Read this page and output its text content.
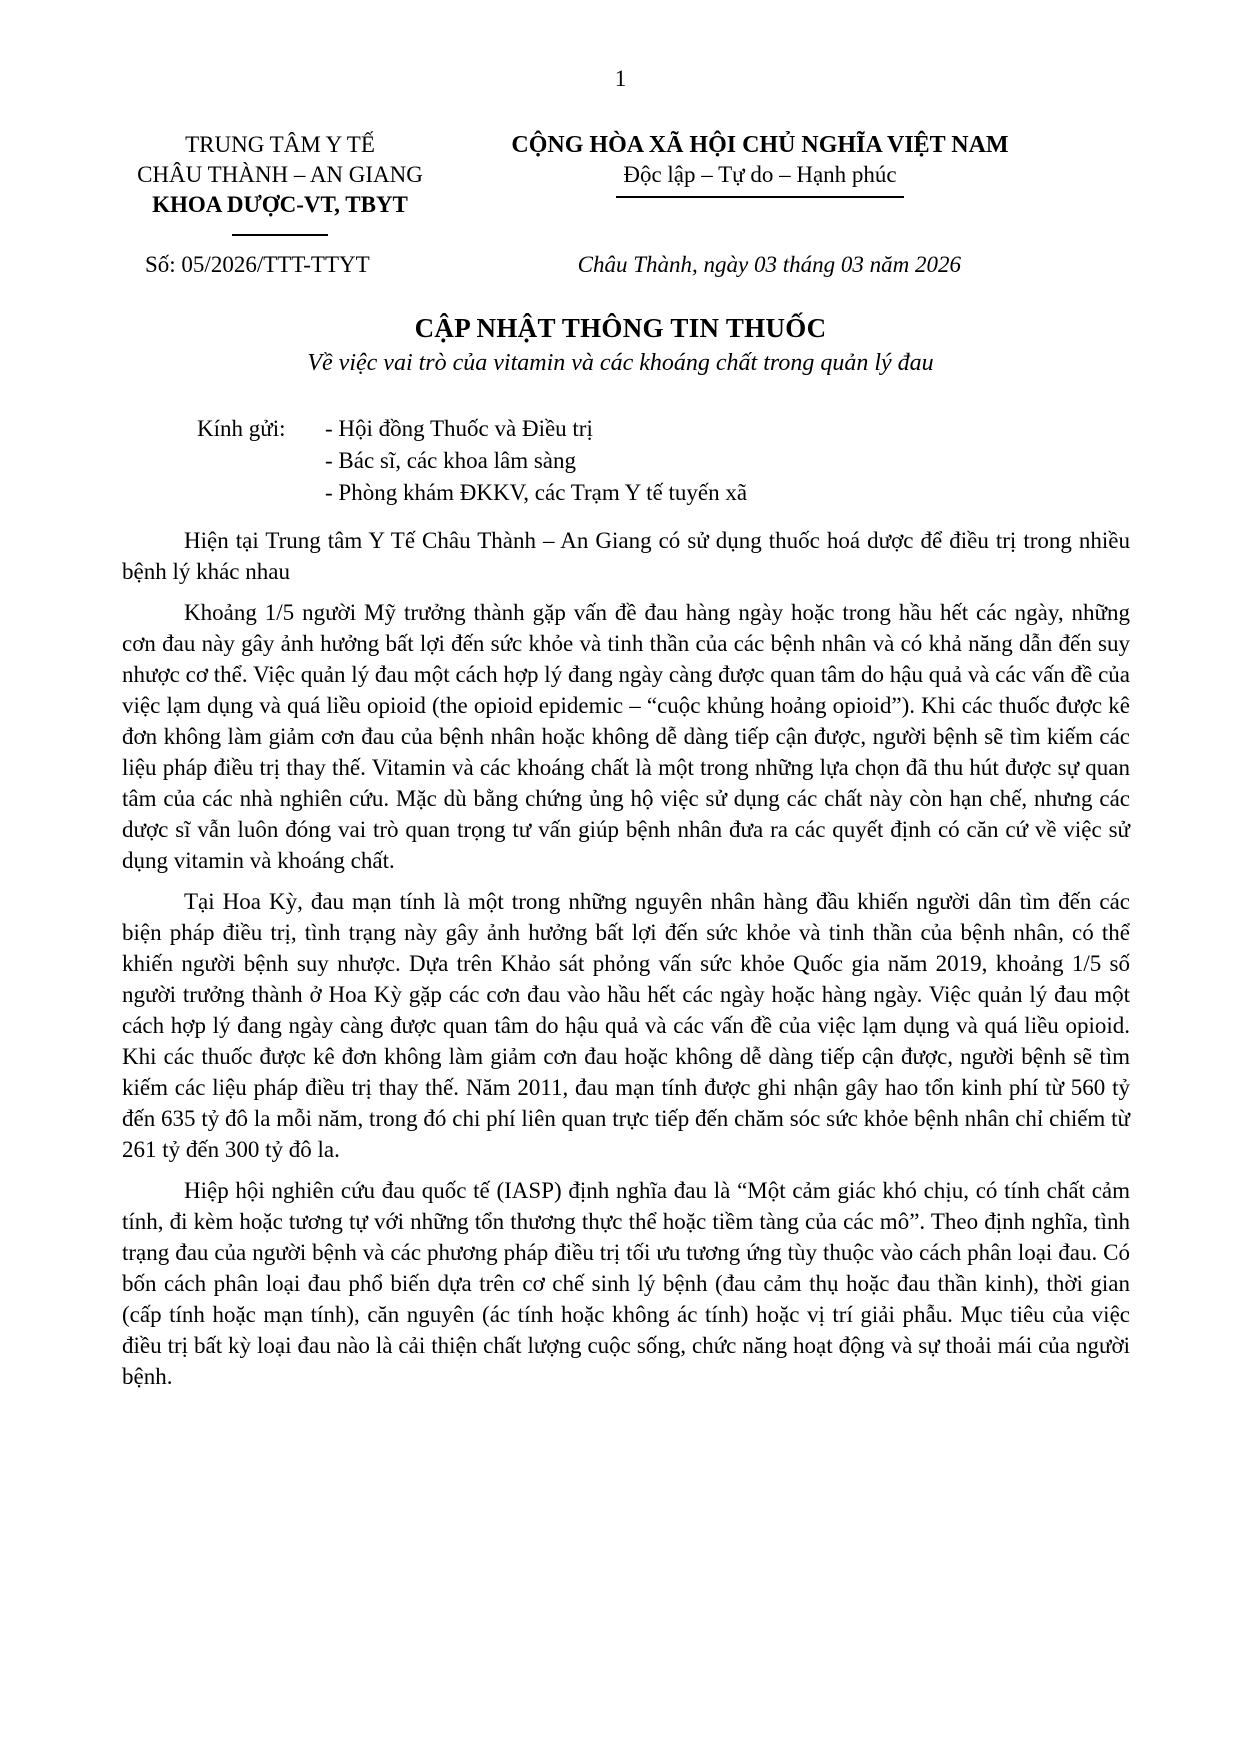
1
TRUNG TÂM Y TẾ
CHÂU THÀNH – AN GIANG
KHOA DƯỢC-VT, TBYT
CỘNG HÒA XÃ HỘI CHỦ NGHĨA VIỆT NAM
Độc lập – Tự do – Hạnh phúc
Số: 05/2026/TTT-TTYT	Châu Thành, ngày 03 tháng 03 năm 2026
CẬP NHẬT THÔNG TIN THUỐC
Về việc vai trò của vitamin và các khoáng chất trong quản lý đau
Kính gửi:	- Hội đồng Thuốc và Điều trị
- Bác sĩ, các khoa lâm sàng
- Phòng khám ĐKKV, các Trạm Y tế tuyến xã

Hiện tại Trung tâm Y Tế Châu Thành – An Giang có sử dụng thuốc hoá dược để điều trị trong nhiều bệnh lý khác nhau

Khoảng 1/5 người Mỹ trưởng thành gặp vấn đề đau hàng ngày hoặc trong hầu hết các ngày, những cơn đau này gây ảnh hưởng bất lợi đến sức khỏe và tinh thần của các bệnh nhân và có khả năng dẫn đến suy nhược cơ thể. Việc quản lý đau một cách hợp lý đang ngày càng được quan tâm do hậu quả và các vấn đề của việc lạm dụng và quá liều opioid (the opioid epidemic – “cuộc khủng hoảng opioid”). Khi các thuốc được kê đơn không làm giảm cơn đau của bệnh nhân hoặc không dễ dàng tiếp cận được, người bệnh sẽ tìm kiếm các liệu pháp điều trị thay thế. Vitamin và các khoáng chất là một trong những lựa chọn đã thu hút được sự quan tâm của các nhà nghiên cứu. Mặc dù bằng chứng ủng hộ việc sử dụng các chất này còn hạn chế, nhưng các dược sĩ vẫn luôn đóng vai trò quan trọng tư vấn giúp bệnh nhân đưa ra các quyết định có căn cứ về việc sử dụng vitamin và khoáng chất.

Tại Hoa Kỳ, đau mạn tính là một trong những nguyên nhân hàng đầu khiến người dân tìm đến các biện pháp điều trị, tình trạng này gây ảnh hưởng bất lợi đến sức khỏe và tinh thần của bệnh nhân, có thể khiến người bệnh suy nhược. Dựa trên Khảo sát phỏng vấn sức khỏe Quốc gia năm 2019, khoảng 1/5 số người trưởng thành ở Hoa Kỳ gặp các cơn đau vào hầu hết các ngày hoặc hàng ngày. Việc quản lý đau một cách hợp lý đang ngày càng được quan tâm do hậu quả và các vấn đề của việc lạm dụng và quá liều opioid. Khi các thuốc được kê đơn không làm giảm cơn đau hoặc không dễ dàng tiếp cận được, người bệnh sẽ tìm kiếm các liệu pháp điều trị thay thế. Năm 2011, đau mạn tính được ghi nhận gây hao tổn kinh phí từ 560 tỷ đến 635 tỷ đô la mỗi năm, trong đó chi phí liên quan trực tiếp đến chăm sóc sức khỏe bệnh nhân chỉ chiếm từ 261 tỷ đến 300 tỷ đô la.

Hiệp hội nghiên cứu đau quốc tế (IASP) định nghĩa đau là “Một cảm giác khó chịu, có tính chất cảm tính, đi kèm hoặc tương tự với những tổn thương thực thể hoặc tiềm tàng của các mô”. Theo định nghĩa, tình trạng đau của người bệnh và các phương pháp điều trị tối ưu tương ứng tùy thuộc vào cách phân loại đau. Có bốn cách phân loại đau phổ biến dựa trên cơ chế sinh lý bệnh (đau cảm thụ hoặc đau thần kinh), thời gian (cấp tính hoặc mạn tính), căn nguyên (ác tính hoặc không ác tính) hoặc vị trí giải phẫu. Mục tiêu của việc điều trị bất kỳ loại đau nào là cải thiện chất lượng cuộc sống, chức năng hoạt động và sự thoải mái của người bệnh.
